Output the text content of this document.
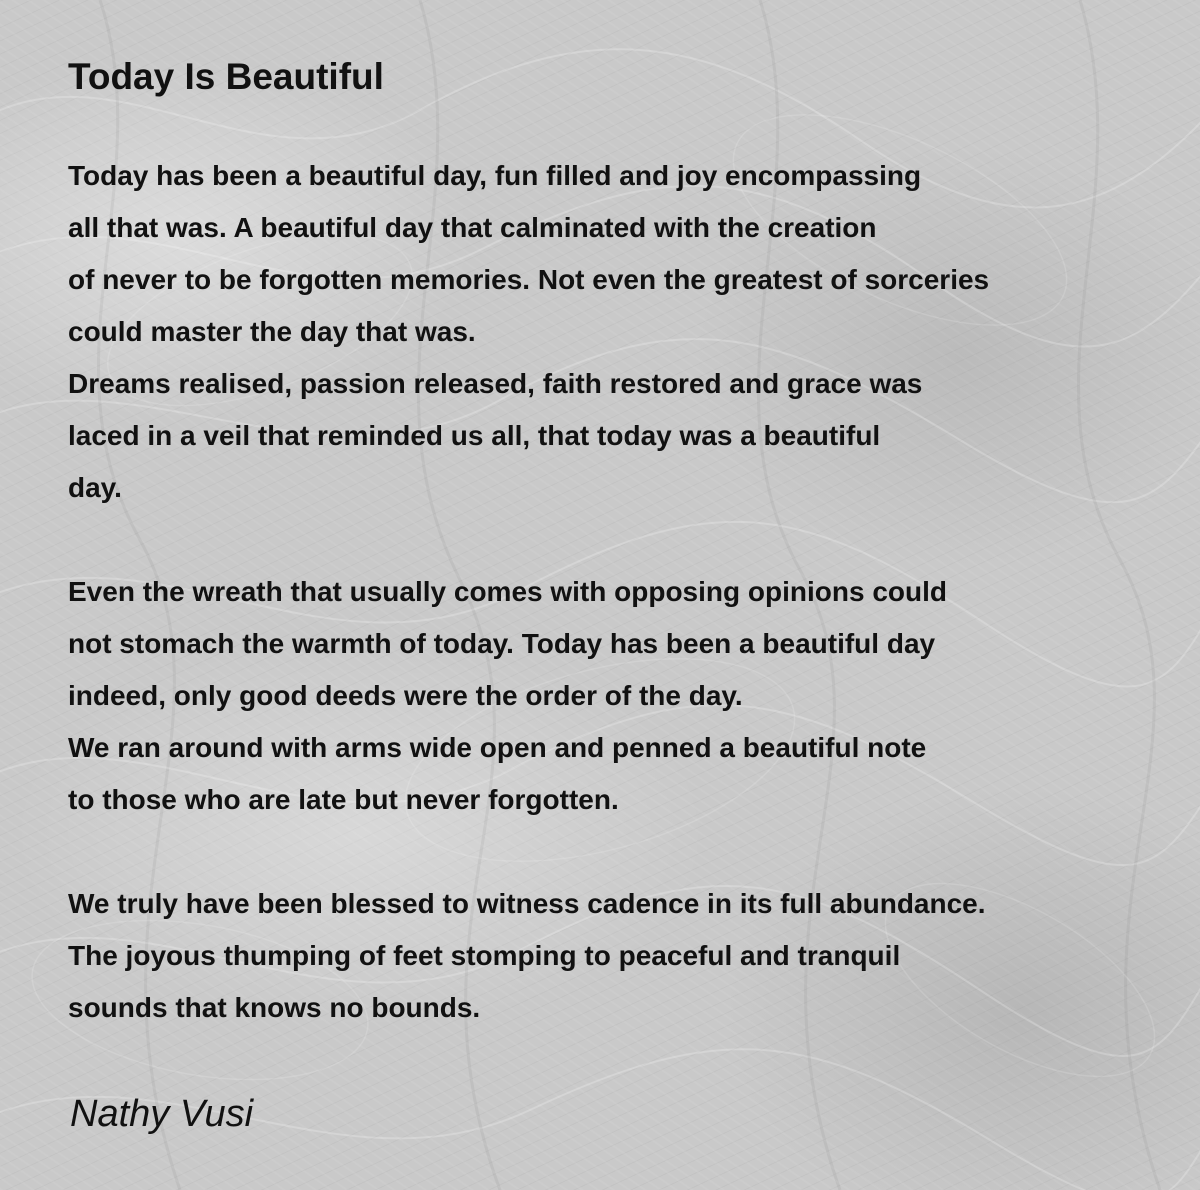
Today Is Beautiful
Today has been a beautiful day, fun filled and joy encompassing
all that was. A beautiful day that calminated with the creation
of never to be forgotten memories. Not even the greatest of sorceries
could master the day that was.
Dreams realised, passion released, faith restored and grace was
laced in a veil that reminded us all, that today was a beautiful
day.
Even the wreath that usually comes with opposing opinions could
not stomach the warmth of today. Today has been a beautiful day
indeed, only good deeds were the order of the day.
We ran around with arms wide open and penned a beautiful note
to those who are late but never forgotten.
We truly have been blessed to witness cadence in its full abundance.
The joyous thumping of feet stomping to peaceful and tranquil
sounds that knows no bounds.

Nathy Vusi
